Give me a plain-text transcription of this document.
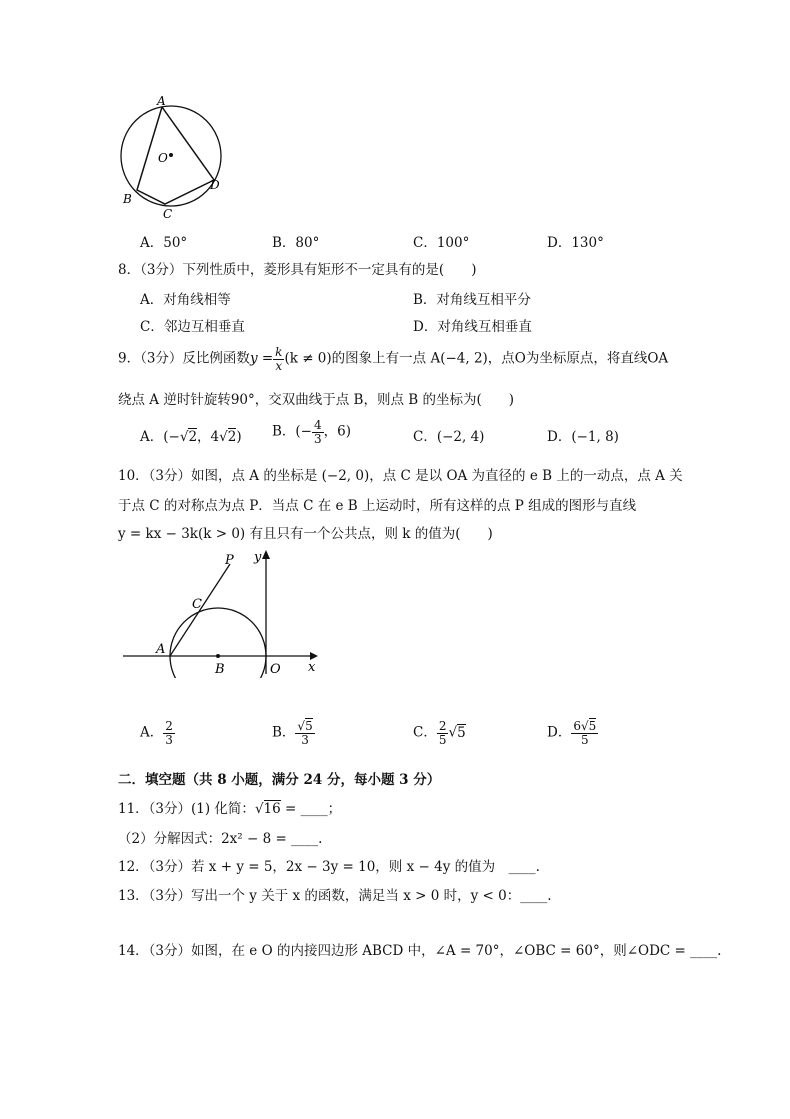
A
O
B
C
D
A．50°	B．80°	C．100°	D．130°
8．（3分）下列性质中，菱形具有矩形不一定具有的是(　　)
A．对角线相等	B．对角线互相平分
C．邻边互相垂直	D．对角线互相垂直
9．（3分）反比例函数$y = \frac{k}{x} (k \ne 0)$的图象上有一点 A(−4, 2)，点O为坐标原点，将直线OA
绕点 A 逆时针旋转90°，交双曲线于点 B，则点 B 的坐标为(　　)
A．(−√2，4√2) B．(− $\frac{4}{3}$ ，6)	C．(−2, 4)	D．(−1, 8)
10．（3分）如图，点 A 的坐标是 (−2, 0)，点 C 是以 OA 为直径的 e B 上的一动点，点 A 关
于点 C 的对称点为点 P．当点 C 在 e B 上运动时，所有这样的点 P 组成的图形与直线
y = kx − 3k(k > 0) 有且只有一个公共点，则 k 的值为(　　)
P y
C
A
B	O x
A． $\frac{2}{3}$	B． $\frac{√5}{3}$	C． $\frac{2}{5} √5$	D． $\frac{6√5}{5}$
二．填空题（共 8 小题，满分 24 分，每小题 3 分）
11．（3分）(1) 化简：√16 = ____；
（2）分解因式：2x² − 8 = ____.
12．（3分）若 x + y = 5，2x − 3y = 10，则 x − 4y 的值为　____.
13．（3分）写出一个 y 关于 x 的函数，满足当 x > 0 时，y < 0：____.
14．（3分）如图，在 e O 的内接四边形 ABCD 中，∠A = 70°，∠OBC = 60°，则∠ODC = ____.
